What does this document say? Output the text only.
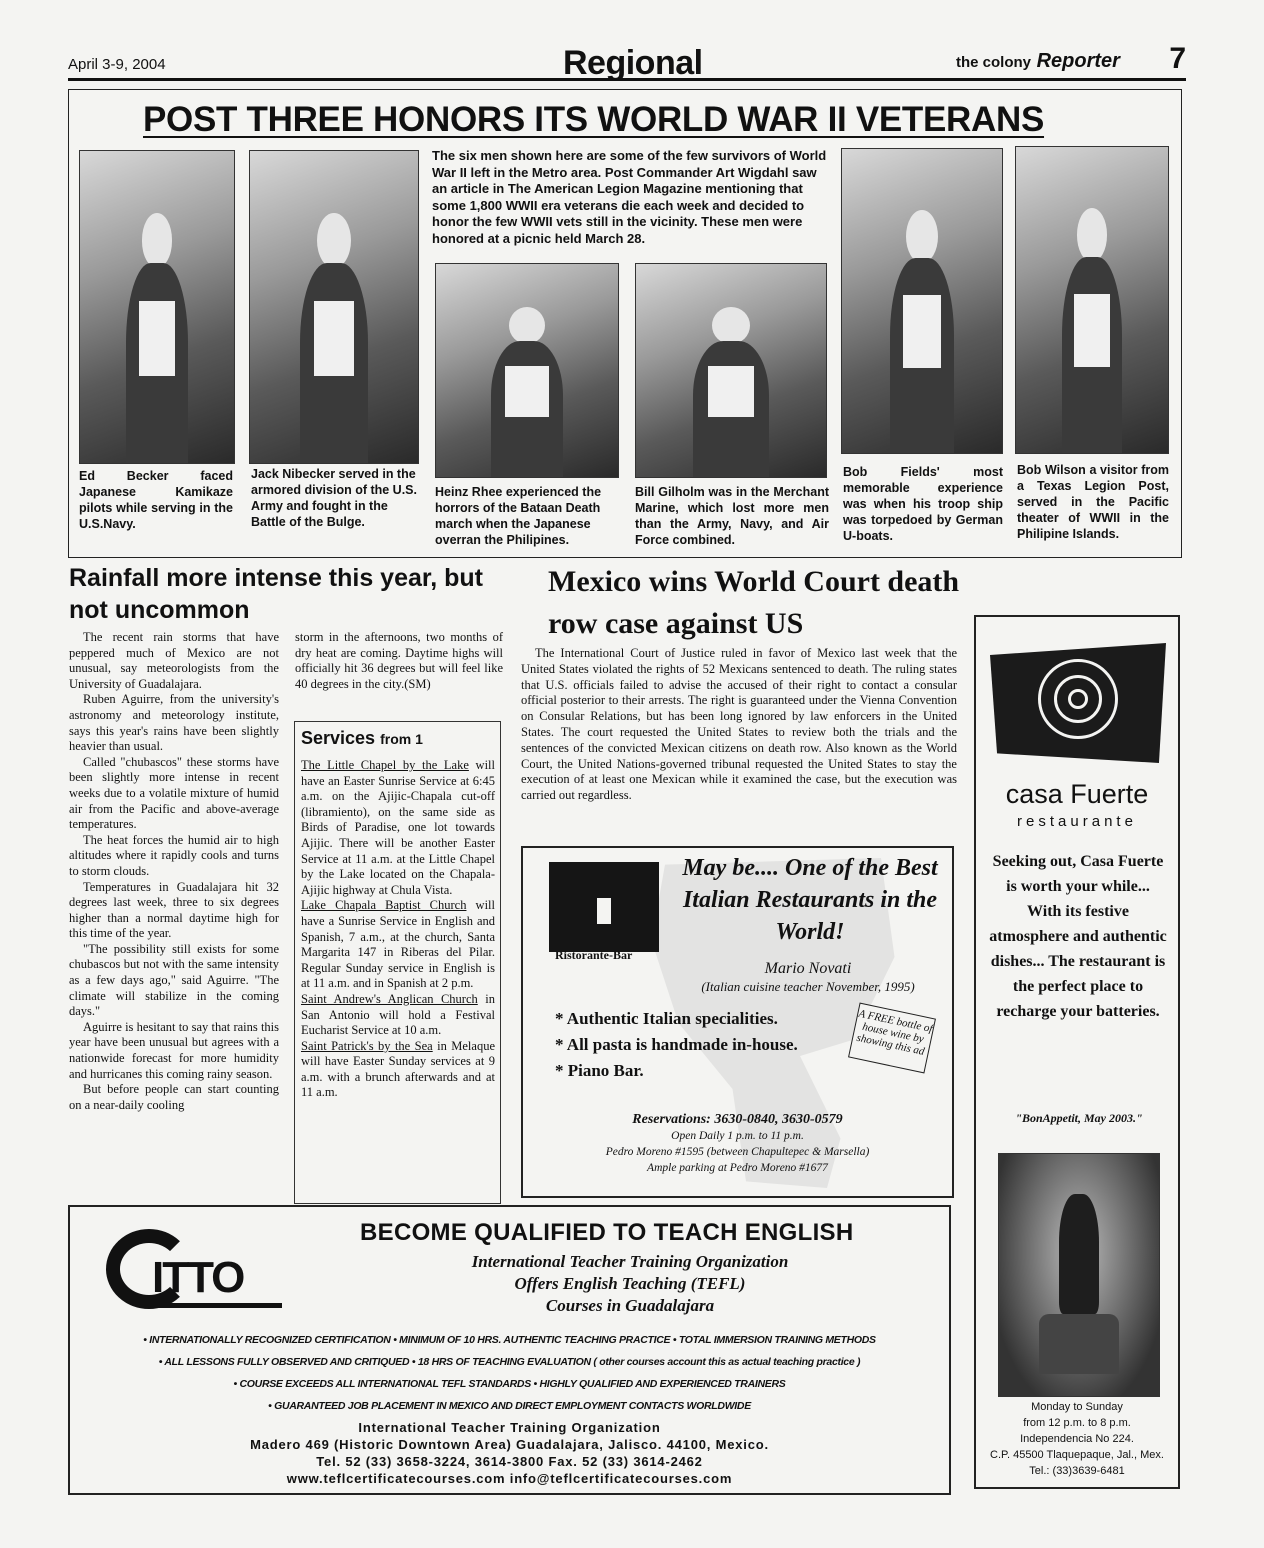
April 3-9, 2004	Regional	the colony Reporter 7
POST THREE HONORS ITS WORLD WAR II VETERANS
The six men shown here are some of the few survivors of World War II left in the Metro area. Post Commander Art Wigdahl saw an article in The American Legion Magazine mentioning that some 1,800 WWII era veterans die each week and decided to honor the few WWII vets still in the vicinity. These men were honored at a picnic held March 28.
Ed Becker faced Japanese Kamikaze pilots while serving in the U.S.Navy.
Jack Nibecker served in the armored division of the U.S. Army and fought in the Battle of the Bulge.
Heinz Rhee experienced the horrors of the Bataan Death march when the Japanese overran the Philipines.
Bill Gilholm was in the Merchant Marine, which lost more men than the Army, Navy, and Air Force combined.
Bob Fields' most memorable experience was when his troop ship was torpedoed by German U-boats.
Bob Wilson a visitor from a Texas Legion Post, served in the Pacific theater of WWII in the Philipine Islands.
Rainfall more intense this year, but not uncommon

The recent rain storms that have peppered much of Mexico are not unusual, say meteorologists from the University of Guadalajara.

Ruben Aguirre, from the university's astronomy and meteorology institute, says this year's rains have been slightly heavier than usual.

Called "chubascos" these storms have been slightly more intense in recent weeks due to a volatile mixture of humid air from the Pacific and above-average temperatures.

The heat forces the humid air to high altitudes where it rapidly cools and turns to storm clouds.

Temperatures in Guadalajara hit 32 degrees last week, three to six degrees higher than a normal daytime high for this time of the year.

"The possibility still exists for some chubascos but not with the same intensity as a few days ago," said Aguirre. "The climate will stabilize in the coming days."

Aguirre is hesitant to say that rains this year have been unusual but agrees with a nationwide forecast for more humidity and hurricanes this coming rainy season.

But before people can start counting on a near-daily cooling

storm in the afternoons, two months of dry heat are coming. Daytime highs will officially hit 36 degrees but will feel like 40 degrees in the city.(SM)
Services from 1

The Little Chapel by the Lake will have an Easter Sunrise Service at 6:45 a.m. on the Ajijic-Chapala cut-off (libramiento), on the same side as Birds of Paradise, one lot towards Ajijic. There will be another Easter Service at 11 a.m. at the Little Chapel by the Lake located on the Chapala-Ajijic highway at Chula Vista.

Lake Chapala Baptist Church will have a Sunrise Service in English and Spanish, 7 a.m., at the church, Santa Margarita 147 in Riberas del Pilar. Regular Sunday service in English is at 11 a.m. and in Spanish at 2 p.m.

Saint Andrew's Anglican Church in San Antonio will hold a Festival Eucharist Service at 10 a.m.

Saint Patrick's by the Sea in Melaque will have Easter Sunday services at 9 a.m. with a brunch afterwards and at 11 a.m.

Mexico wins World Court death row case against US
The International Court of Justice ruled in favor of Mexico last week that the United States violated the rights of 52 Mexicans sentenced to death. The ruling states that U.S. officials failed to advise the accused of their right to contact a consular official posterior to their arrests. The right is guaranteed under the Vienna Convention on Consular Relations, but has been long ignored by law enforcers in the United States. The court requested the United States to review both the trials and the sentences of the convicted Mexican citizens on death row. Also known as the World Court, the United Nations-governed tribunal requested the United States to stay the execution of at least one Mexican while it examined the case, but the execution was carried out regardless.
Ristorante-Bar
May be.... One of the Best Italian Restaurants in the World!
Mario Novati
(Italian cuisine teacher November, 1995)
* Authentic Italian specialities.
* All pasta is handmade in-house.
* Piano Bar.
A FREE bottle of house wine by showing this ad
Reservations: 3630-0840, 3630-0579
Open Daily 1 p.m. to 11 p.m.
Pedro Moreno #1595 (between Chapultepec & Marsella)
Ample parking at Pedro Moreno #1677
casa Fuerte
restaurante
Seeking out, Casa Fuerte is worth your while... With its festive atmosphere and authentic dishes... The restaurant is the perfect place to recharge your batteries.
"BonAppetit, May 2003."
Monday to Sunday
from 12 p.m. to 8 p.m.
Independencia No 224.
C.P. 45500 Tlaquepaque, Jal., Mex.
Tel.: (33)3639-6481
ITTO
BECOME QUALIFIED TO TEACH ENGLISH
International Teacher Training Organization
Offers English Teaching (TEFL)
Courses in Guadalajara
• INTERNATIONALLY RECOGNIZED CERTIFICATION • MINIMUM OF 10 HRS. AUTHENTIC TEACHING PRACTICE • TOTAL IMMERSION TRAINING METHODS
• ALL LESSONS FULLY OBSERVED AND CRITIQUED • 18 HRS OF TEACHING EVALUATION ( other courses account this as actual teaching practice )
• COURSE EXCEEDS ALL INTERNATIONAL TEFL STANDARDS • HIGHLY QUALIFIED AND EXPERIENCED TRAINERS
• GUARANTEED JOB PLACEMENT IN MEXICO AND DIRECT EMPLOYMENT CONTACTS WORLDWIDE
International Teacher Training Organization
Madero 469 (Historic Downtown Area) Guadalajara, Jalisco. 44100, Mexico.
Tel. 52 (33) 3658-3224, 3614-3800 Fax. 52 (33) 3614-2462
www.teflcertificatecourses.com info@teflcertificatecourses.com
